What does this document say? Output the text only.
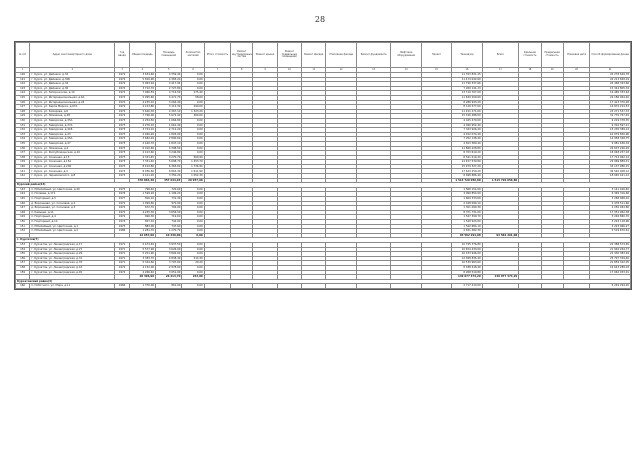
28
№ п/п	Адрес многоквартирного дома	Год ввода	Общая площадь	Площадь помещений	Количество жителей	Итого стоимость	Ремонт внутридомовых систем	Ремонт крыши	Ремонт подвальных помещений	Ремонт фасада	Утепление фасада	Ремонт фундамента	Лифтовое оборудование	Проект	Технадзор	Всего	Удельная стоимость	Предельная стоимость	Плановая дата	Способ формирования фонда
1	2	3	4	5	6	7	8	9	10	11	12	13	14	15	16	17	18	19	20	21
120	г. Курск, ул. Дейнеки, д.32	1972	3 634,60	4 359,40	0,00										11 763 831,25					24 278 649,78
121	г. Курск, ул. Дейнеки, д.32Б	1972	5 816,90	4 383,20	0,00										11 474 042,60					24 213 828,19
122	г. Курск, ул. Дейнеки, д.34	1972	5 963,94	4 417,94	0,00										11 790 337,66					24 468 343,66
123	г. Курск, ул. Дейнеки, д.36	1972	3 722,70	2 727,80	0,00										7 269 141,23					15 344 805,34
124	г. Курск, ул. Запорожская, д.10	1972	7 966,59	4 716,59	275,40										13 710 707,09					16 485 333,64
125	г. Курск, ул. Интернациональная, д.6А	1972	5 995,60	4 471,70	58,60										11 849 209,60					24 186 064,40
126	г. Курск, ул. Интернациональная, д.24	1972	4 235,10	3 264,40	0,00										8 286 943,20					17 413 370,28
127	г. Курск, ул. Карла Маркса, д.67А	1972	4 123,80	3 112,30	290,00										8 126 577,60					16 872 224,53
128	г. Курск, ул. Комарова, д.6	1972	5 640,30	4 367,10	1 323,20										11 221 271,60					23 271 537,33
129	г. Курск, ул. Ломакина, д.38	1972	7 766,00	5 672,40	460,00										15 326 488,00					31 770 767,45
130	г. Курск, ул. Заводская, д.35А	1973	2 254,50	1 666,80	0,00										4 445 470,00					9 219 378,35
131	г. Курск, ул. Заводская, д.37А	1973	2 276,10	1 661,40	0,00										4 490 952,40					9 310 597,21
132	г. Курск, ул. Заводская, д.41Б	1973	3 724,10	2 712,20	0,00										7 343 926,20					15 230 389,14
133	г. Курск, ул. Заводская, д.43	1973	2 460,20	1 803,00	0,00										4 912 074,40					10 079 650,96
134	г. Курск, ул. Заводская, д.45А	1973	3 682,20	2 890,60	0,00										7 252 138,40					14 958 348,75
135	г. Курск, ул. Заводская, д.47	1973	2 440,70	1 847,10	0,00										4 813 380,40					9 981 636,34
136	г. Курск, ул. Ломакина, д.4	1973	6 010,60	4 398,50	0,00										11 866 228,80					24 607 226,29
137	г. Курск, ул. Республиканская, д.10	1973	4 413,60	3 246,80	0,00										8 703 610,20					18 048 257,18
138	г. Курск, ул. Сонечная, д.15	1973	4 331,45	3 270,70	560,90										8 541 010,20					17 714 062,14
139	г. Курск, ул. Сонечная, д.15А	1973	7 331,40	5 698,70	1 453,70										14 457 530,80					29 969 889,31
140	г. Курск, ул. Сонечная, д.21Б	1973	8 103,80	6 365,60	1 736,90										15 979 327,20					33 137 986,15
141	г. Курск, ул. Сонечная, д.4	1973	8 936,60	6 863,30	1 611,90										17 623 250,20					36 540 408,12
142	г. Курск, ул. Черняховского, д.8	1973	4 411,20	3 350,20	1 052,30										8 698 886,40					18 040 421,12
			470 864,30	357 644,03	20 957,00										1 513 720 056,80	1 513 720 056,80				
Курский район(14)																				
143	п. Юбилейный, ул. Цветочная, д.40	1975	796,40	720,60	0,00										1 568 151,60					3 141 426,40
144	п. Полевая, д.171	1976	1 599,20	1 106,20	0,00										3 099 854,00					6 369 316,66
145	п. Подгорный, д.5	1977	816,10	731,30	0,00										1 609 333,60					3 268 068,16
146	д. Ворошнево, ул. Сосновая, д.2	1972	1 099,60	970,90	0,00										2 168 090,10					2 478 511,66
147	д. Ворошнево, ул. Сосновая, д.3	1972	672,70	704,00	0,00										1 301 090,30					2 250 463,80
148	п. Камыши, д.11	1972	4 245,30	3 656,50	0,00										8 371 731,00					17 351 962,38
149	п. Подгорный, д.4	1972	696,30	719,60	0,00										1 547 399,70					3 246 860,70
150	п. Подгорный, д.14	1974	657,10	742,00	0,00										1 549 924,60					3 224 118,96
151	п. Юбилейный, ул. Цветочная, д.1	1973	883,00	747,60	0,00										1 542 684,10					3 223 066,27
152	п. Юбилейный, ул. Цветочная, д.2	1986	1 281,70	1 270,70	0,00										2 631 482,30					5 519 670,61
			12 657,00	10 440,00	0,00										93 562 291,08	93 562 291,08				
г. Курчатов(7)																				
153	г. Курчатов, ул. Ленинградская, д.17	1971	5 474,40	3 937,50	0,00										10 795 376,80					22 388 574,65
154	г. Курчатов, ул. Ленинградская, д.27	1971	5 577,90	3 626,00	0,00										10 654 430,00					21 992 264,77
155	г. Курчатов, ул. Ленинградская, д.29	1971	5 201,90	3 892,60	0,00										10 333 946,00					21 430 383,49
156	г. Курчатов, ул. Ленинградская, д.31	1971	3 383,70	4 838,40	214,30										12 368 836,40					25 707 329,46
157	г. Курчатов, ул. Ленинградская, д.33	1971	5 344,60	3 797,60	29,20										10 539 963,60					21 859 322,05
158	г. Курчатов, ул. Ленинградская, д.43	1972	4 152,00	2 978,60	0,00										8 188 418,40					16 643 289,03
159	г. Курчатов, ул. Ленинградская, д.45	1972	4 266,40	3 051,00	0,00										8 268 510,80					17 062 033,01
			28 396,90	26 214,70	243,80										149 077 474,29	149 077 474,29				
Курчатовский район(3)																				
160	п. Ноботного, ул. Мира, д.11	1966	1 376,00	861,00	0,00										2 717 410,00					6 249 294,20
